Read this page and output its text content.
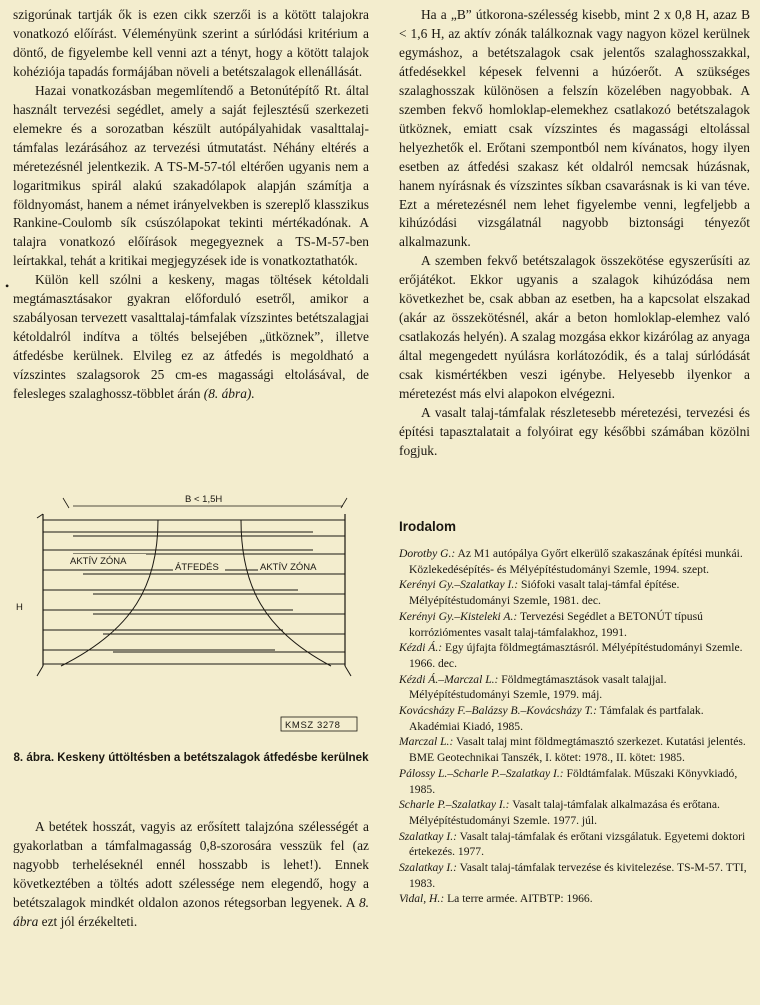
szigorúnak tartják ők is ezen cikk szerzői is a kötött talajokra vonatkozó előírást. Véleményünk szerint a súrlódási kritérium a döntő, de figyelembe kell venni azt a tényt, hogy a kötött talajok kohéziója tapadás formájában növeli a betétszalagok ellenállását.

Hazai vonatkozásban megemlítendő a Betonútépítő Rt. által használt tervezési segédlet, amely a saját fejlesztésű szerkezeti elemekre és a sorozatban készült autópályahidak vasalttalaj-támfalas lezárásához az tervezési útmutatást. Néhány eltérés a méretezésnél jelentkezik. A TS-M-57-tól eltérően ugyanis nem a logaritmikus spirál alakú szakadólapok alapján számítja a földnyomást, hanem a német irányelvekben is szereplő klasszikus Rankine-Coulomb sík csúszólapokat tekinti mértékadónak. A talajra vonatkozó előírások megegyeznek a TS-M-57-ben leírtakkal, tehát a kritikai megjegyzések ide is vonatkoztathatók.

Külön kell szólni a keskeny, magas töltések kétoldali megtámasztásakor gyakran előforduló esetről, amikor a szabályosan tervezett vasalttalaj-támfalak vízszintes betétszalagjai kétoldalról indítva a töltés belsejében „ütköznek”, illetve átfedésbe kerülnek. Elvileg ez az átfedés is megoldható a vízszintes szalagsorok 25 cm-es magassági eltolásával, de felesleges szalaghossz-többlet árán (8. ábra).

•
B < 1,5H
AKTÍV ZÓNA
ÁTFEDÉS	AKTÍV ZÓNA
H
KMSZ 3278
8. ábra. Keskeny úttöltésben a betétszalagok átfedésbe kerülnek

A betétek hosszát, vagyis az erősített talajzóna szélességét a gyakorlatban a támfalmagasság 0,8-szorosára vesszük fel (az nagyobb terheléseknél ennél hosszabb is lehet!). Ennek következtében a töltés adott szélessége nem elegendő, hogy a betétszalagok mindkét oldalon azonos rétegsorban legyenek. A 8. ábra ezt jól érzékelteti.

Ha a „B” útkorona-szélesség kisebb, mint 2 x 0,8 H, azaz B < 1,6 H, az aktív zónák találkoznak vagy nagyon közel kerülnek egymáshoz, a betétszalagok csak jelentős szalaghosszakkal, átfedésekkel képesek felvenni a húzóerőt. A szükséges szalaghosszak különösen a felszín közelében nagyobbak. A szemben fekvő homloklap-elemekhez csatlakozó betétszalagok ütköznek, emiatt csak vízszintes és magassági eltolással helyezhetők el. Erőtani szempontból nem kívánatos, hogy ilyen esetben az átfedési szakasz két oldalról nemcsak húzásnak, hanem nyírásnak és vízszintes síkban csavarásnak is ki van téve. Ezt a méretezésnél nem lehet figyelembe venni, legfeljebb a kihúzódási vizsgálatnál nagyobb biztonsági tényezőt alkalmazunk.

A szemben fekvő betétszalagok összekötése egyszerűsíti az erőjátékot. Ekkor ugyanis a szalagok kihúzódása nem következhet be, csak abban az esetben, ha a kapcsolat elszakad (akár az összekötésnél, akár a beton homloklap-elemhez való csatlakozás helyén). A szalag mozgása ekkor kizárólag az anyaga által megengedett nyúlásra korlátozódik, és a talaj súrlódását csak kismértékben veszi igénybe. Helyesebb ilyenkor a méretezést más elvi alapokon elvégezni.

A vasalt talaj-támfalak részletesebb méretezési, tervezési és építési tapasztalatait a folyóirat egy későbbi számában közölni fogjuk.

Irodalom

Dorotby G.: Az M1 autópálya Győrt elkerülő szakaszának építési munkái. Közlekedésépítés- és Mélyépítéstudományi Szemle, 1994. szept.

Kerényi Gy.–Szalatkay I.: Siófoki vasalt talaj-támfal építése. Mélyépítéstudományi Szemle, 1981. dec.

Kerényi Gy.–Kisteleki A.: Tervezési Segédlet a BETONÚT típusú korróziómentes vasalt talaj-támfalakhoz, 1991.

Kézdi Á.: Egy újfajta földmegtámasztásról. Mélyépítéstudományi Szemle. 1966. dec.

Kézdi Á.–Marczal L.: Földmegtámasztások vasalt talajjal. Mélyépítéstudományi Szemle, 1979. máj.

Kovácsházy F.–Balázsy B.–Kovácsházy T.: Támfalak és partfalak. Akadémiai Kiadó, 1985.

Marczal L.: Vasalt talaj mint földmegtámasztó szerkezet. Kutatási jelentés. BME Geotechnikai Tanszék, I. kötet: 1978., II. kötet: 1985.

Pálossy L.–Scharle P.–Szalatkay I.: Földtámfalak. Műszaki Könyvkiadó, 1985.

Scharle P.–Szalatkay I.: Vasalt talaj-támfalak alkalmazása és erőtana. Mélyépítéstudományi Szemle. 1977. júl.

Szalatkay I.: Vasalt talaj-támfalak és erőtani vizsgálatuk. Egyetemi doktori értekezés. 1977.

Szalatkay I.: Vasalt talaj-támfalak tervezése és kivitelezése. TS-M-57. TTI, 1983.

Vidal, H.: La terre armée. AITBTP: 1966.
